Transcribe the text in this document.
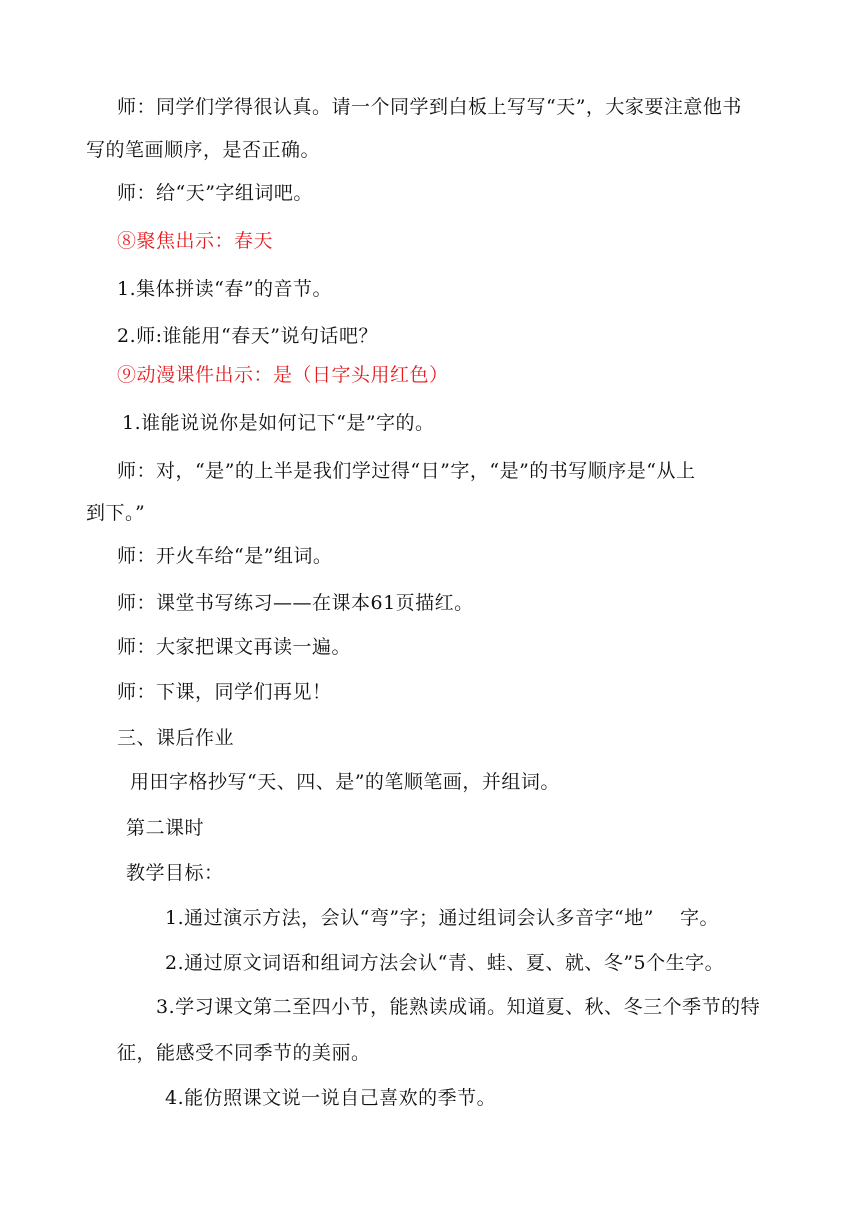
师：同学们学得很认真。请一个同学到白板上写写“天”，大家要注意他书
写的笔画顺序，是否正确。
师：给“天”字组词吧。
⑧聚焦出示：春天
1.集体拼读“春”的音节。
2.师:谁能用“春天”说句话吧？
⑨动漫课件出示：是（日字头用红色）
1.谁能说说你是如何记下“是”字的。
师：对，“是”的上半是我们学过得“日”字，“是”的书写顺序是“从上
到下。”
师：开火车给“是”组词。
师：课堂书写练习——在课本61页描红。
师：大家把课文再读一遍。
师：下课，同学们再见！
三、课后作业
用田字格抄写“天、四、是”的笔顺笔画，并组词。
第二课时
教学目标：
1.通过演示方法，会认“弯”字；通过组词会认多音字“地”　 字。
2.通过原文词语和组词方法会认“青、蛙、夏、就、冬”5个生字。
3.学习课文第二至四小节，能熟读成诵。知道夏、秋、冬三个季节的特
征，能感受不同季节的美丽。
4.能仿照课文说一说自己喜欢的季节。
